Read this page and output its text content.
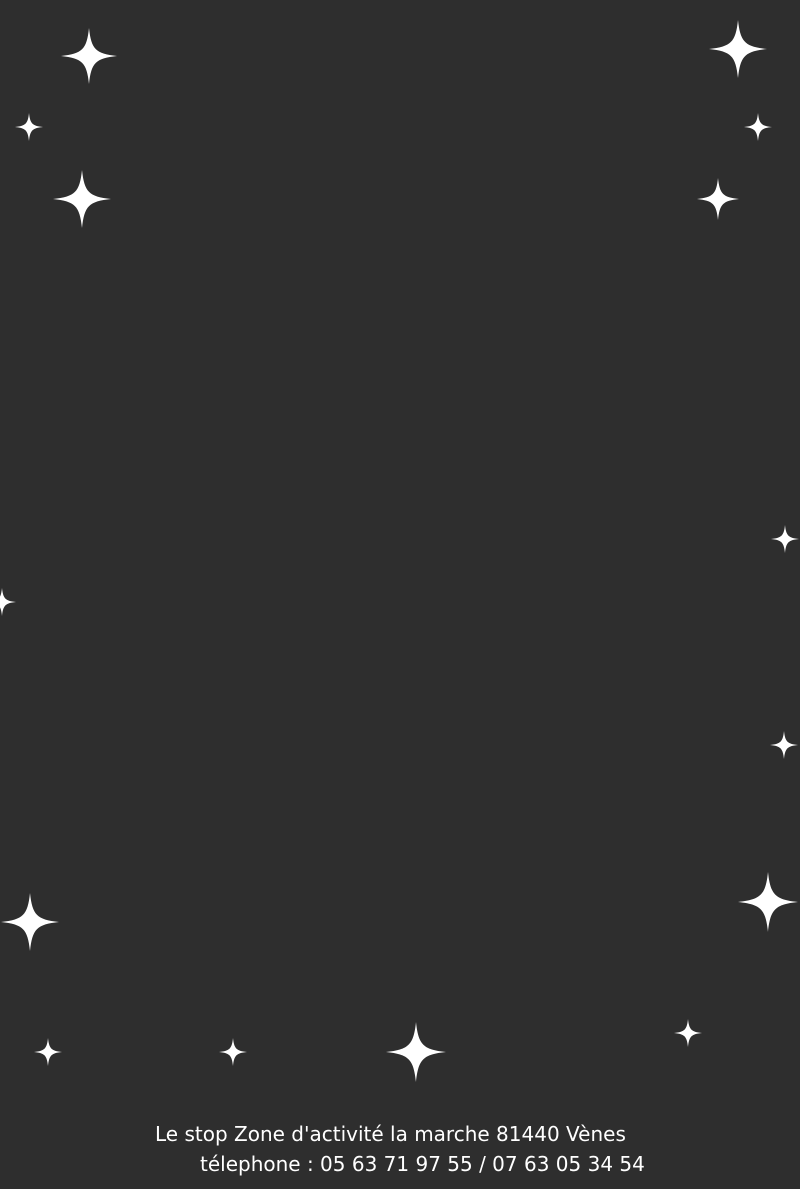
Le stop Zone d'activité la marche 81440 Vènes
télephone : 05 63 71 97 55 / 07 63 05 34 54
